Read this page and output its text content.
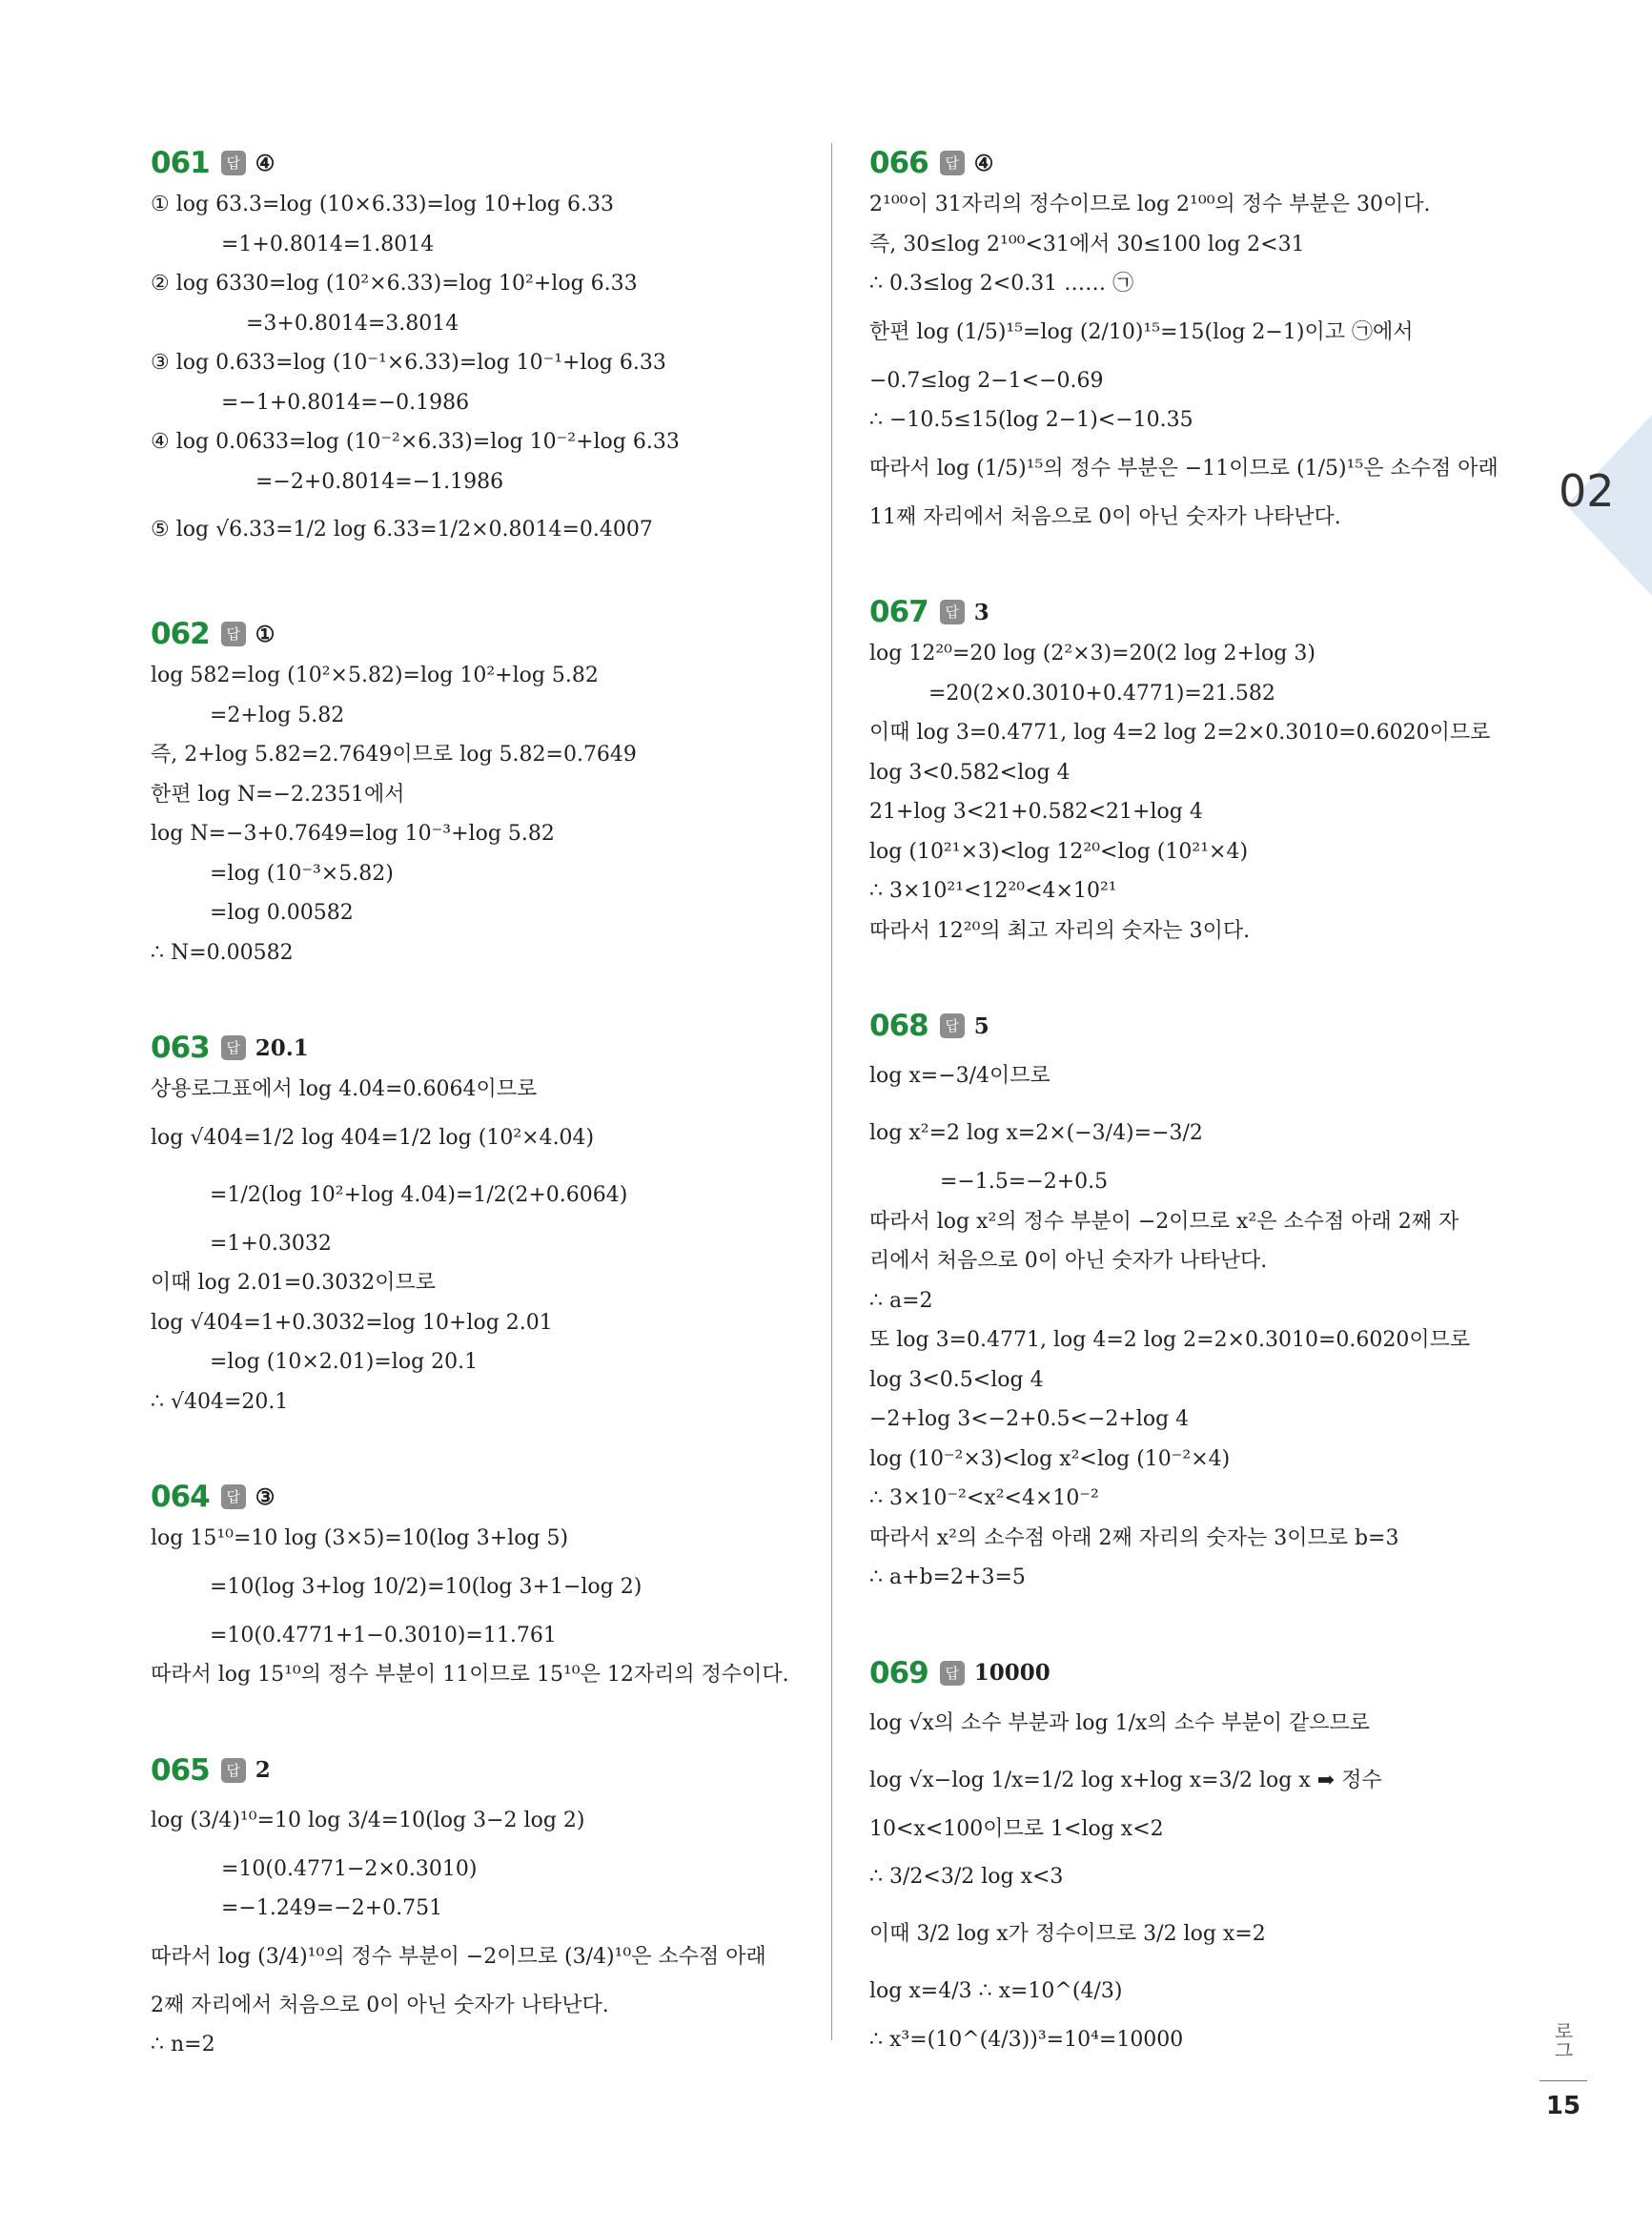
061	답 ④
① log 63.3=log (10×6.33)=log 10+log 6.33
=1+0.8014=1.8014
② log 6330=log (10²×6.33)=log 10²+log 6.33
=3+0.8014=3.8014
③ log 0.633=log (10⁻¹×6.33)=log 10⁻¹+log 6.33
=−1+0.8014=−0.1986
④ log 0.0633=log (10⁻²×6.33)=log 10⁻²+log 6.33
=−2+0.8014=−1.1986
⑤ log √6.33=1/2 log 6.33=1/2×0.8014=0.4007
062	답 ①
log 582=log (10²×5.82)=log 10²+log 5.82
=2+log 5.82
즉, 2+log 5.82=2.7649이므로 log 5.82=0.7649
한편 log N=−2.2351에서
log N=−3+0.7649=log 10⁻³+log 5.82
=log (10⁻³×5.82)
=log 0.00582
∴ N=0.00582
063	답 20.1
상용로그표에서 log 4.04=0.6064이므로
log √404=1/2 log 404=1/2 log (10²×4.04)
=1/2(log 10²+log 4.04)=1/2(2+0.6064)
=1+0.3032
이때 log 2.01=0.3032이므로
log √404=1+0.3032=log 10+log 2.01
=log (10×2.01)=log 20.1
∴ √404=20.1
064	답 ③
log 15¹⁰=10 log (3×5)=10(log 3+log 5)
=10(log 3+log 10/2)=10(log 3+1−log 2)
=10(0.4771+1−0.3010)=11.761
따라서 log 15¹⁰의 정수 부분이 11이므로 15¹⁰은 12자리의 정수이다.
065	답 2
log (3/4)¹⁰=10 log 3/4=10(log 3−2 log 2)
=10(0.4771−2×0.3010)
=−1.249=−2+0.751
따라서 log (3/4)¹⁰의 정수 부분이 −2이므로 (3/4)¹⁰은 소수점 아래
2째 자리에서 처음으로 0이 아닌 숫자가 나타난다.
∴ n=2
066	답 ④
2¹⁰⁰이 31자리의 정수이므로 log 2¹⁰⁰의 정수 부분은 30이다.
즉, 30≤log 2¹⁰⁰<31에서 30≤100 log 2<31
∴ 0.3≤log 2<0.31 …… ㉠
한편 log (1/5)¹⁵=log (2/10)¹⁵=15(log 2−1)이고 ㉠에서
−0.7≤log 2−1<−0.69
∴ −10.5≤15(log 2−1)<−10.35
따라서 log (1/5)¹⁵의 정수 부분은 −11이므로 (1/5)¹⁵은 소수점 아래
11째 자리에서 처음으로 0이 아닌 숫자가 나타난다.
067	답 3
log 12²⁰=20 log (2²×3)=20(2 log 2+log 3)
=20(2×0.3010+0.4771)=21.582
이때 log 3=0.4771, log 4=2 log 2=2×0.3010=0.6020이므로
log 3<0.582<log 4
21+log 3<21+0.582<21+log 4
log (10²¹×3)<log 12²⁰<log (10²¹×4)
∴ 3×10²¹<12²⁰<4×10²¹
따라서 12²⁰의 최고 자리의 숫자는 3이다.
068	답 5
log x=−3/4이므로
log x²=2 log x=2×(−3/4)=−3/2
=−1.5=−2+0.5
따라서 log x²의 정수 부분이 −2이므로 x²은 소수점 아래 2째 자
리에서 처음으로 0이 아닌 숫자가 나타난다.
∴ a=2
또 log 3=0.4771, log 4=2 log 2=2×0.3010=0.6020이므로
log 3<0.5<log 4
−2+log 3<−2+0.5<−2+log 4
log (10⁻²×3)<log x²<log (10⁻²×4)
∴ 3×10⁻²<x²<4×10⁻²
따라서 x²의 소수점 아래 2째 자리의 숫자는 3이므로 b=3
∴ a+b=2+3=5
069	답 10000
log √x의 소수 부분과 log 1/x의 소수 부분이 같으므로
log √x−log 1/x=1/2 log x+log x=3/2 log x ➡ 정수
10<x<100이므로 1<log x<2
∴ 3/2<3/2 log x<3
이때 3/2 log x가 정수이므로 3/2 log x=2
log x=4/3 ∴ x=10^(4/3)
∴ x³=(10^(4/3))³=10⁴=10000
02
로그
15
